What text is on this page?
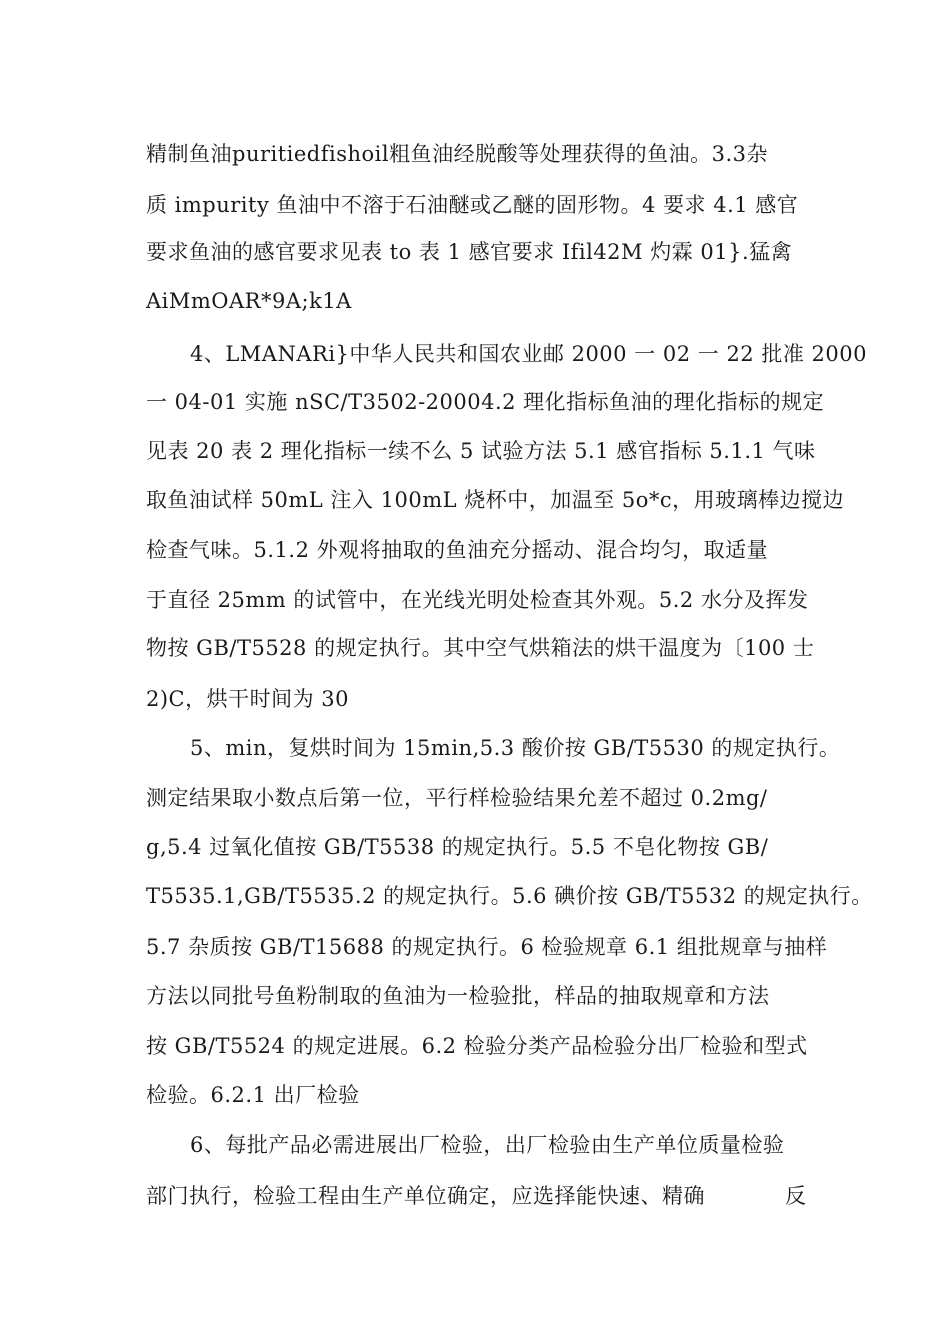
精制鱼油puritiedfishoil粗鱼油经脱酸等处理获得的鱼油。3.3杂
质 impurity 鱼油中不溶于石油醚或乙醚的固形物。4 要求 4.1 感官
要求鱼油的感官要求见表 to 表 1 感官要求 Ifil42M 灼霖 01}.猛禽
AiMmOAR*9A;k1A
4、LMANARi}中华人民共和国农业邮 2000 一 02 一 22 批准 2000
一 04-01 实施 nSC/T3502-20004.2 理化指标鱼油的理化指标的规定
见表 20 表 2 理化指标一续不么 5 试验方法 5.1 感官指标 5.1.1 气味
取鱼油试样 50mL 注入 100mL 烧杯中，加温至 5o*c，用玻璃棒边搅边
检查气味。5.1.2 外观将抽取的鱼油充分摇动、混合均匀，取适量
于直径 25mm 的试管中，在光线光明处检查其外观。5.2 水分及挥发
物按 GB/T5528 的规定执行。其中空气烘箱法的烘干温度为〔100 士
2)C，烘干时间为 30
5、min，复烘时间为 15min,5.3 酸价按 GB/T5530 的规定执行。
测定结果取小数点后第一位，平行样检验结果允差不超过 0.2mg/
g,5.4 过氧化值按 GB/T5538 的规定执行。5.5 不皂化物按 GB/
T5535.1,GB/T5535.2 的规定执行。5.6 碘价按 GB/T5532 的规定执行。
5.7 杂质按 GB/T15688 的规定执行。6 检验规章 6.1 组批规章与抽样
方法以同批号鱼粉制取的鱼油为一检验批，样品的抽取规章和方法
按 GB/T5524 的规定进展。6.2 检验分类产品检验分出厂检验和型式
检验。6.2.1 出厂检验
6、每批产品必需进展出厂检验，出厂检验由生产单位质量检验
部门执行，检验工程由生产单位确定，应选择能快速、精确	反
